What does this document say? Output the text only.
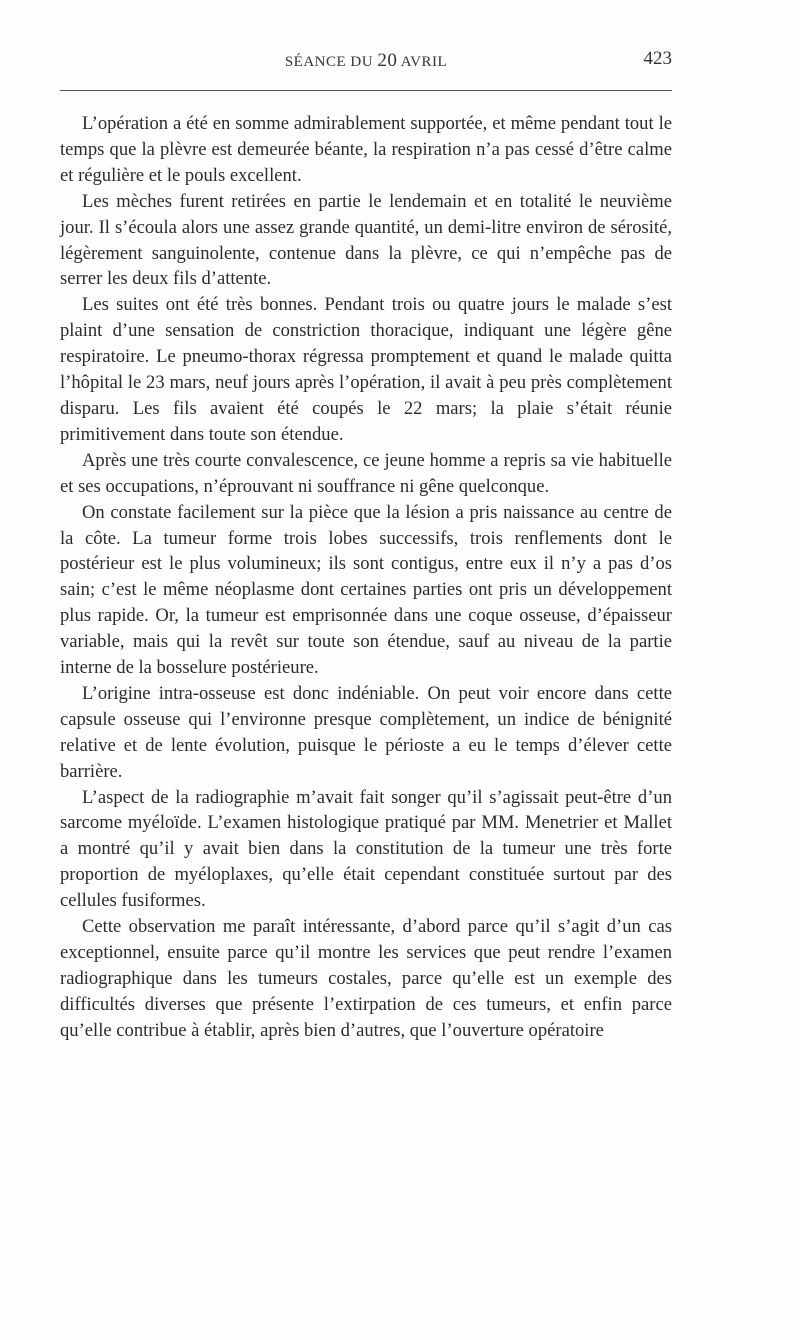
SÉANCE DU 20 AVRIL	423

L’opération a été en somme admirablement supportée, et même pendant tout le temps que la plèvre est demeurée béante, la respiration n’a pas cessé d’être calme et régulière et le pouls excellent.

Les mèches furent retirées en partie le lendemain et en totalité le neuvième jour. Il s’écoula alors une assez grande quantité, un demi-litre environ de sérosité, légèrement sanguinolente, contenue dans la plèvre, ce qui n’empêche pas de serrer les deux fils d’attente.

Les suites ont été très bonnes. Pendant trois ou quatre jours le malade s’est plaint d’une sensation de constriction thoracique, indiquant une légère gêne respiratoire. Le pneumo-thorax régressa promptement et quand le malade quitta l’hôpital le 23 mars, neuf jours après l’opération, il avait à peu près complètement disparu. Les fils avaient été coupés le 22 mars; la plaie s’était réunie primitivement dans toute son étendue.

Après une très courte convalescence, ce jeune homme a repris sa vie habituelle et ses occupations, n’éprouvant ni souffrance ni gêne quelconque.

On constate facilement sur la pièce que la lésion a pris naissance au centre de la côte. La tumeur forme trois lobes successifs, trois renflements dont le postérieur est le plus volumineux; ils sont contigus, entre eux il n’y a pas d’os sain; c’est le même néoplasme dont certaines parties ont pris un développement plus rapide. Or, la tumeur est emprisonnée dans une coque osseuse, d’épaisseur variable, mais qui la revêt sur toute son étendue, sauf au niveau de la partie interne de la bosselure postérieure.

L’origine intra-osseuse est donc indéniable. On peut voir encore dans cette capsule osseuse qui l’environne presque complètement, un indice de bénignité relative et de lente évolution, puisque le périoste a eu le temps d’élever cette barrière.

L’aspect de la radiographie m’avait fait songer qu’il s’agissait peut-être d’un sarcome myéloïde. L’examen histologique pratiqué par MM. Menetrier et Mallet a montré qu’il y avait bien dans la constitution de la tumeur une très forte proportion de myéloplaxes, qu’elle était cependant constituée surtout par des cellules fusiformes.

Cette observation me paraît intéressante, d’abord parce qu’il s’agit d’un cas exceptionnel, ensuite parce qu’il montre les services que peut rendre l’examen radiographique dans les tumeurs costales, parce qu’elle est un exemple des difficultés diverses que présente l’extirpation de ces tumeurs, et enfin parce qu’elle contribue à établir, après bien d’autres, que l’ouverture opératoire
